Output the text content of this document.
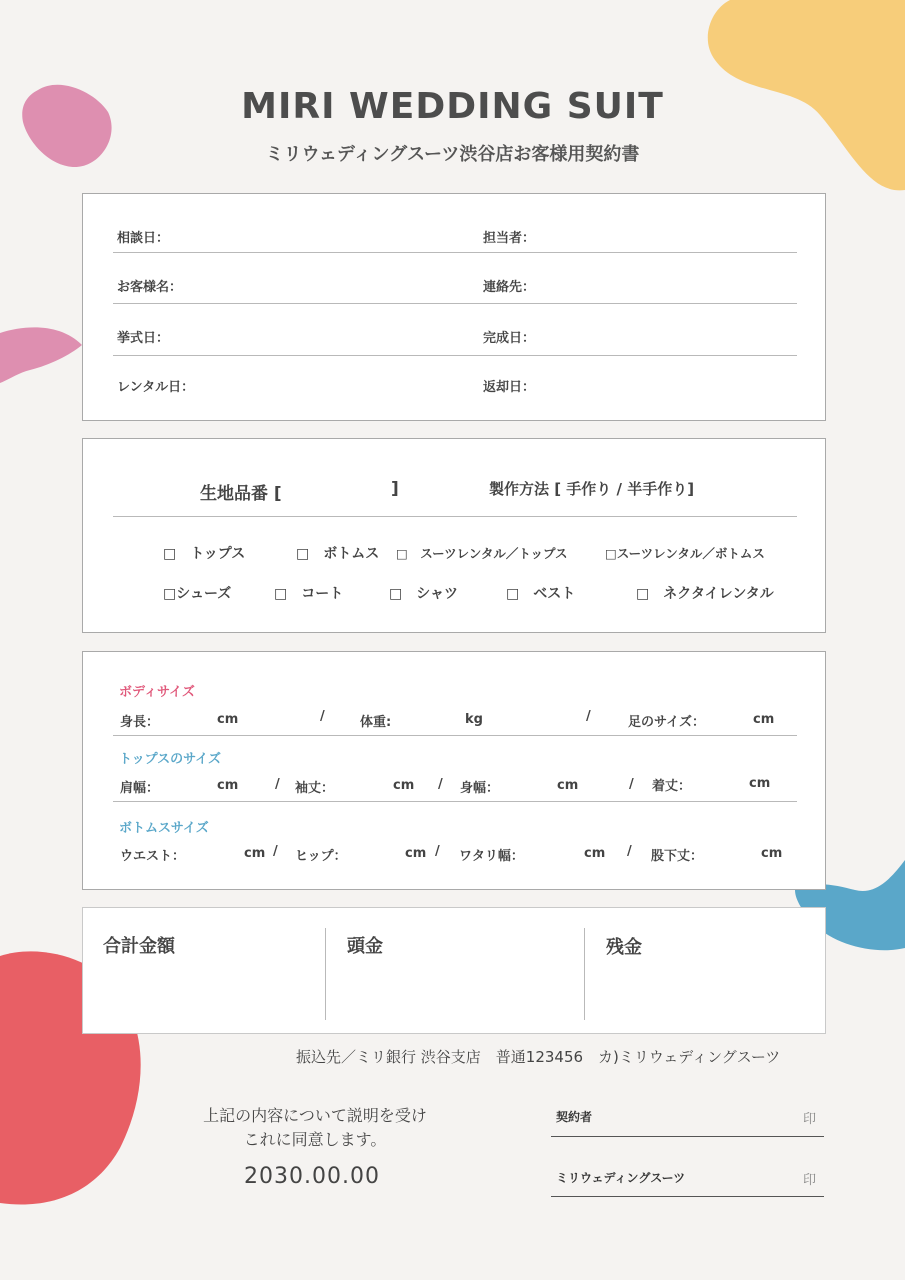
MIRI WEDDING SUIT
ミリウェディングスーツ渋谷店お客様用契約書
相談日：	担当者：
お客様名：	連絡先：
挙式日：	完成日：
レンタル日：	返却日：
生地品番 [	]	製作方法 [ 手作り / 半手作り]
□　トップス	□　ボトムス □　スーツレンタル／トップス	□スーツレンタル／ボトムス
□シューズ	□　コート	□　シャツ	□　ベスト	□　ネクタイレンタル
ボディサイズ
身長：	cm	/	体重:	kg	/	足のサイズ：	cm
トップスのサイズ
肩幅：	cm	/ 袖丈：	cm / 身幅：	cm	/ 着丈：	cm
ボトムスサイズ
ウエスト：	cm / ヒップ：	cm / ワタリ幅：	cm / 股下丈：	cm
合計金額	頭金	残金
振込先／ミリ銀行 渋谷支店　普通123456　カ)ミリウェディングスーツ
上記の内容について説明を受け
これに同意します。
2030.00.00
契約者	印
ミリウェディングスーツ	印
